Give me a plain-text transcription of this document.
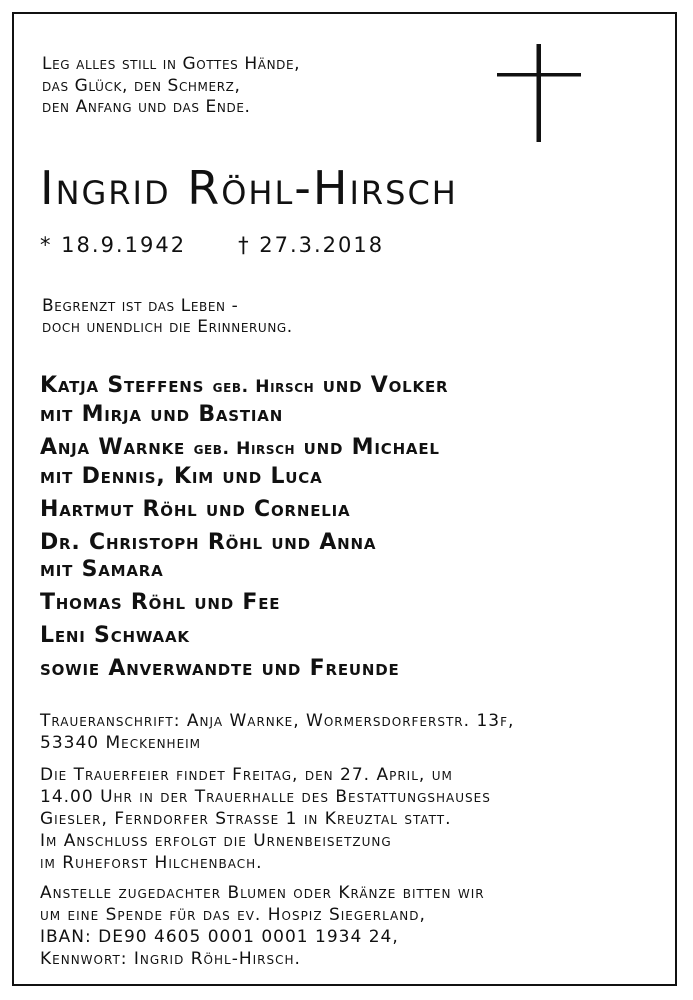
Leg alles still in Gottes Hände,
das Glück, den Schmerz,
den Anfang und das Ende.
Ingrid Röhl-Hirsch
* 18.9.1942 † 27.3.2018
Begrenzt ist das Leben -
doch unendlich die Erinnerung.
Katja Steffens geb. Hirsch und Volker
mit Mirja und Bastian
Anja Warnke geb. Hirsch und Michael
mit Dennis, Kim und Luca
Hartmut Röhl und Cornelia
Dr. Christoph Röhl und Anna
mit Samara
Thomas Röhl und Fee
Leni Schwaak
sowie Anverwandte und Freunde
Traueranschrift: Anja Warnke, Wormersdorferstr. 13f,
53340 Meckenheim
Die Trauerfeier findet Freitag, den 27. April, um
14.00 Uhr in der Trauerhalle des Bestattungshauses
Giesler, Ferndorfer Strasse 1 in Kreuztal statt.
Im Anschluss erfolgt die Urnenbeisetzung
im Ruheforst Hilchenbach.
Anstelle zugedachter Blumen oder Kränze bitten wir
um eine Spende für das ev. Hospiz Siegerland,
IBAN: DE90 4605 0001 0001 1934 24,
Kennwort: Ingrid Röhl-Hirsch.
